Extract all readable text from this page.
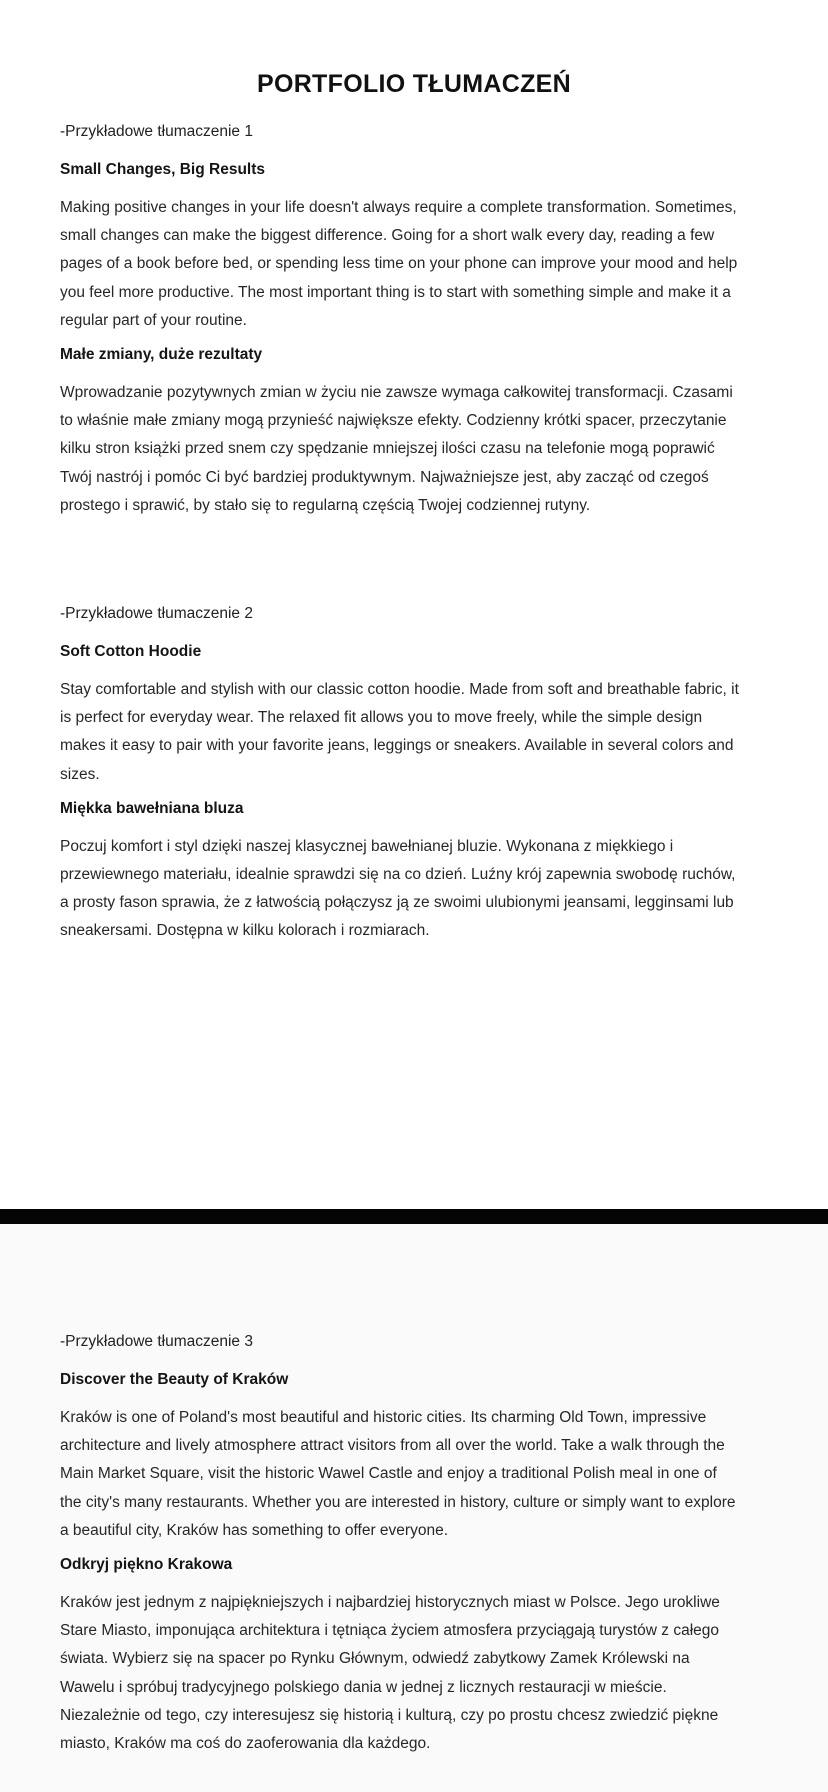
PORTFOLIO TŁUMACZEŃ

-Przykładowe tłumaczenie 1

Small Changes, Big Results

Making positive changes in your life doesn't always require a complete transformation. Sometimes, small changes can make the biggest difference. Going for a short walk every day, reading a few pages of a book before bed, or spending less time on your phone can improve your mood and help you feel more productive. The most important thing is to start with something simple and make it a regular part of your routine.

Małe zmiany, duże rezultaty

Wprowadzanie pozytywnych zmian w życiu nie zawsze wymaga całkowitej transformacji. Czasami to właśnie małe zmiany mogą przynieść największe efekty. Codzienny krótki spacer, przeczytanie kilku stron książki przed snem czy spędzanie mniejszej ilości czasu na telefonie mogą poprawić Twój nastrój i pomóc Ci być bardziej produktywnym. Najważniejsze jest, aby zacząć od czegoś prostego i sprawić, by stało się to regularną częścią Twojej codziennej rutyny.

-Przykładowe tłumaczenie 2

Soft Cotton Hoodie

Stay comfortable and stylish with our classic cotton hoodie. Made from soft and breathable fabric, it is perfect for everyday wear. The relaxed fit allows you to move freely, while the simple design makes it easy to pair with your favorite jeans, leggings or sneakers. Available in several colors and sizes.

Miękka bawełniana bluza

Poczuj komfort i styl dzięki naszej klasycznej bawełnianej bluzie. Wykonana z miękkiego i przewiewnego materiału, idealnie sprawdzi się na co dzień. Luźny krój zapewnia swobodę ruchów, a prosty fason sprawia, że z łatwością połączysz ją ze swoimi ulubionymi jeansami, legginsami lub sneakersami. Dostępna w kilku kolorach i rozmiarach.

-Przykładowe tłumaczenie 3

Discover the Beauty of Kraków

Kraków is one of Poland's most beautiful and historic cities. Its charming Old Town, impressive architecture and lively atmosphere attract visitors from all over the world. Take a walk through the Main Market Square, visit the historic Wawel Castle and enjoy a traditional Polish meal in one of the city's many restaurants. Whether you are interested in history, culture or simply want to explore a beautiful city, Kraków has something to offer everyone.

Odkryj piękno Krakowa

Kraków jest jednym z najpiękniejszych i najbardziej historycznych miast w Polsce. Jego urokliwe Stare Miasto, imponująca architektura i tętniąca życiem atmosfera przyciągają turystów z całego świata. Wybierz się na spacer po Rynku Głównym, odwiedź zabytkowy Zamek Królewski na Wawelu i spróbuj tradycyjnego polskiego dania w jednej z licznych restauracji w mieście. Niezależnie od tego, czy interesujesz się historią i kulturą, czy po prostu chcesz zwiedzić piękne miasto, Kraków ma coś do zaoferowania dla każdego.
